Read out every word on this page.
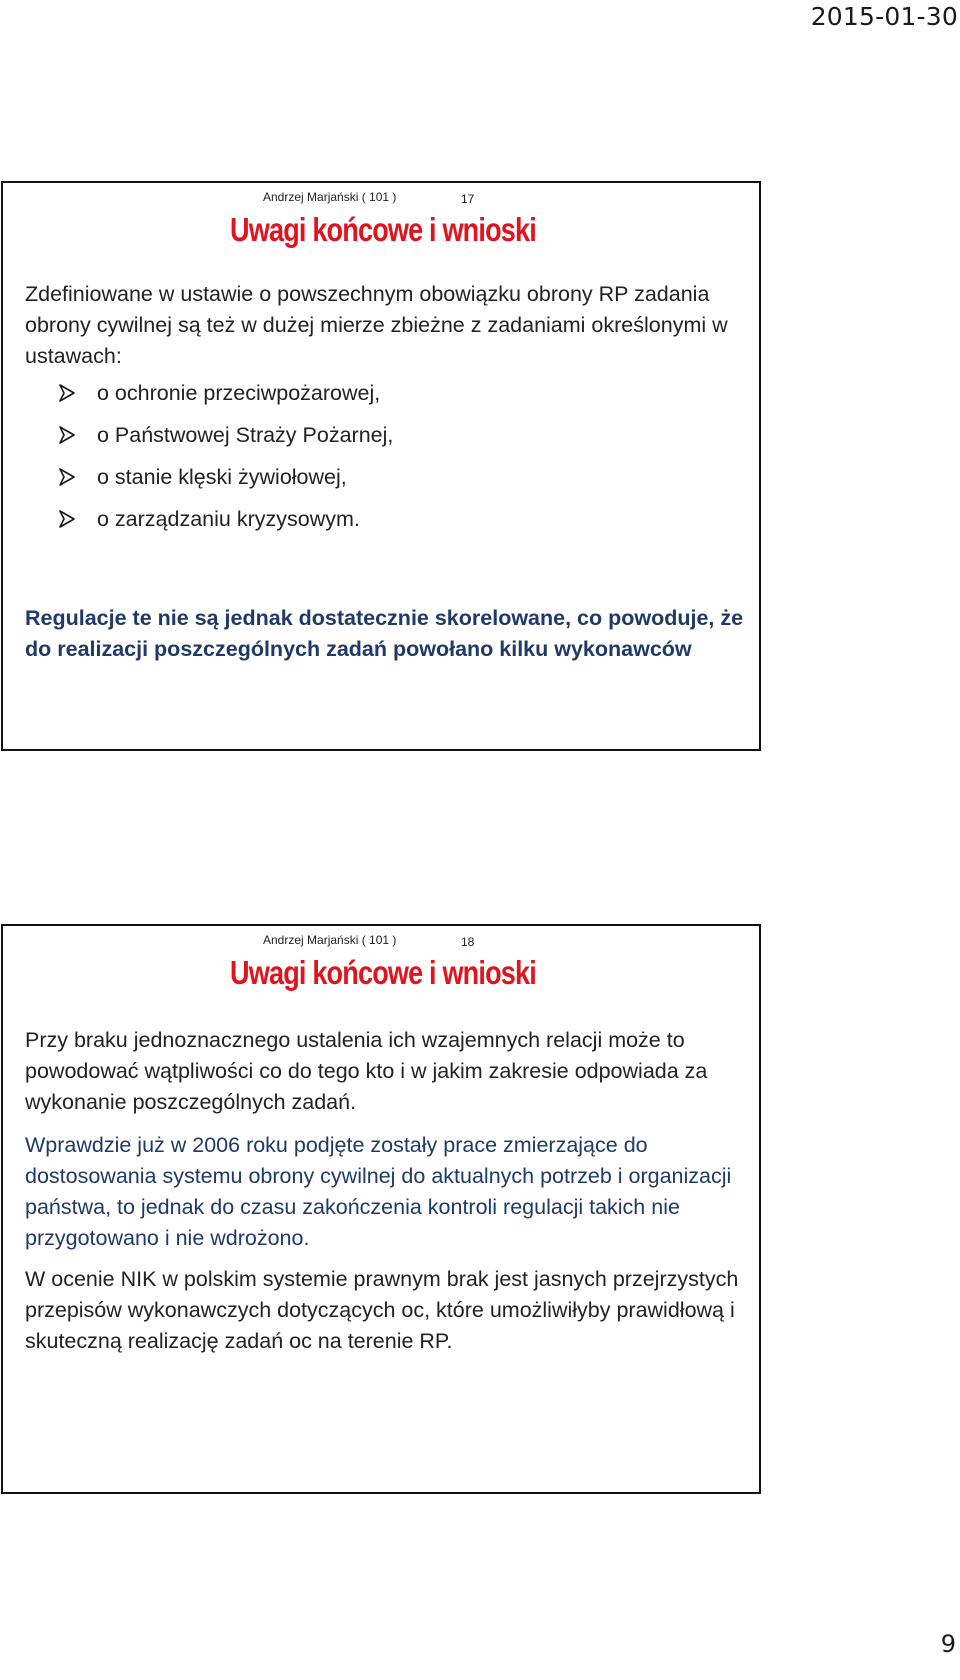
2015-01-30
Andrzej Marjański ( 101 )	17
Uwagi końcowe i wnioski
Zdefiniowane w ustawie o powszechnym obowiązku obrony RP zadania obrony cywilnej są też w dużej mierze zbieżne z zadaniami określonymi w ustawach:
o ochronie przeciwpożarowej,
o Państwowej Straży Pożarnej,
o stanie klęski żywiołowej,
o zarządzaniu kryzysowym.
Regulacje te nie są jednak dostatecznie skorelowane, co powoduje, że do realizacji poszczególnych zadań powołano kilku wykonawców
Andrzej Marjański ( 101 )	18
Uwagi końcowe i wnioski
Przy braku jednoznacznego ustalenia ich wzajemnych relacji może to powodować wątpliwości co do tego kto i w jakim zakresie odpowiada za wykonanie poszczególnych zadań.
Wprawdzie już w 2006 roku podjęte zostały prace zmierzające do dostosowania systemu obrony cywilnej do aktualnych potrzeb i organizacji państwa, to jednak do czasu zakończenia kontroli regulacji takich nie przygotowano i nie wdrożono.
W ocenie NIK w polskim systemie prawnym brak jest jasnych przejrzystych przepisów wykonawczych dotyczących oc, które umożliwiłyby prawidłową i skuteczną realizację zadań oc na terenie RP.
9
